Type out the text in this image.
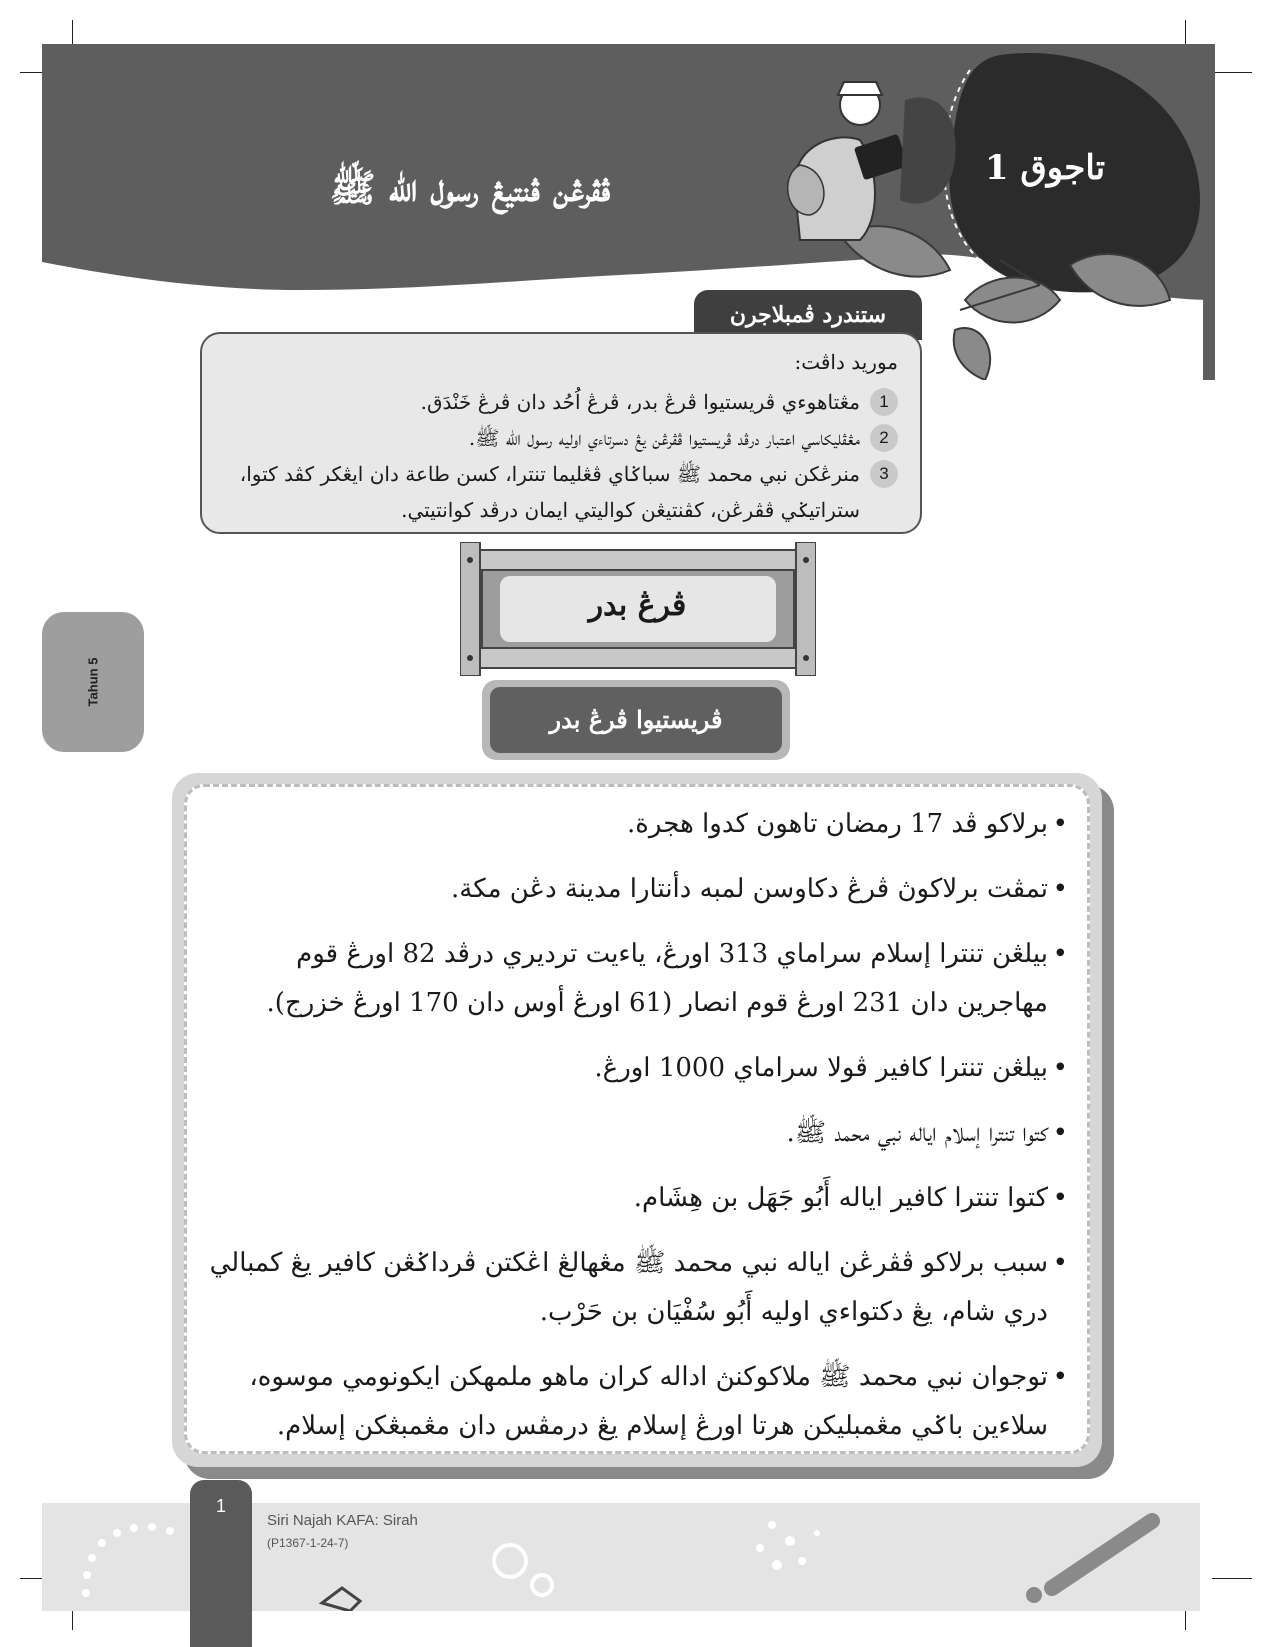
ڤڤرڠن ڤنتيڠ رسول الله ﷺ	تاجوق 1
ستندرد ڤمبلاجرن

موريد داڤت:

1
مڠتاهوءي ڤريستيوا ڤرڠ بدر، ڤرڠ اُحُد دان ڤرڠ خَنْدَق.
2
مڠڤليكاسي اعتبار درڤد ڤريستيوا ڤڤرڠن يڠ دسرتاءي اوليه رسول الله ﷺ.
3
منرڠكن نبي محمد ﷺ سباݢاي ڤڠليما تنترا، كسن طاعة دان ايڠكر كڤد كتوا، ستراتيݢي ڤڤرڠن، كڤنتيڠن كواليتي ايمان درڤد كوانتيتي.
ڤرڠ بدر
ڤريستيوا ڤرڠ بدر
Tahun 5
• برلاكو ڤد 17 رمضان تاهون كدوا هجرة.
• تمڤت برلاكوڽ ڤرڠ دكاوسن لمبه دأنتارا مدينة دڠن مكة.
• بيلڠن تنترا إسلام سراماي 313 اورڠ، ياءيت ترديري درڤد 82 اورڠ قوم مهاجرين دان 231 اورڠ قوم انصار (61 اورڠ أوس دان 170 اورڠ خزرج).
• بيلڠن تنترا كافير ڤولا سراماي 1000 اورڠ.
• كتوا تنترا إسلام اياله نبي محمد ﷺ.
• كتوا تنترا كافير اياله أَبُو جَهَل بن هِشَام.
• سبب برلاكو ڤڤرڠن اياله نبي محمد ﷺ مڠهالڠ اڠكتن ڤرداݢڠن كافير يڠ كمبالي دري شام، يڠ دكتواءي اوليه أَبُو سُفْيَان بن حَرْب.
• توجوان نبي محمد ﷺ ملاكوكنڽ اداله كران ماهو ملمهكن ايكونومي موسوه، سلاءين باݢي مڠمبليكن هرتا اورڠ إسلام يڠ درمڤس دان مڠمبڠكن إسلام.
1
Siri Najah KAFA: Sirah
(P1367-1-24-7)
